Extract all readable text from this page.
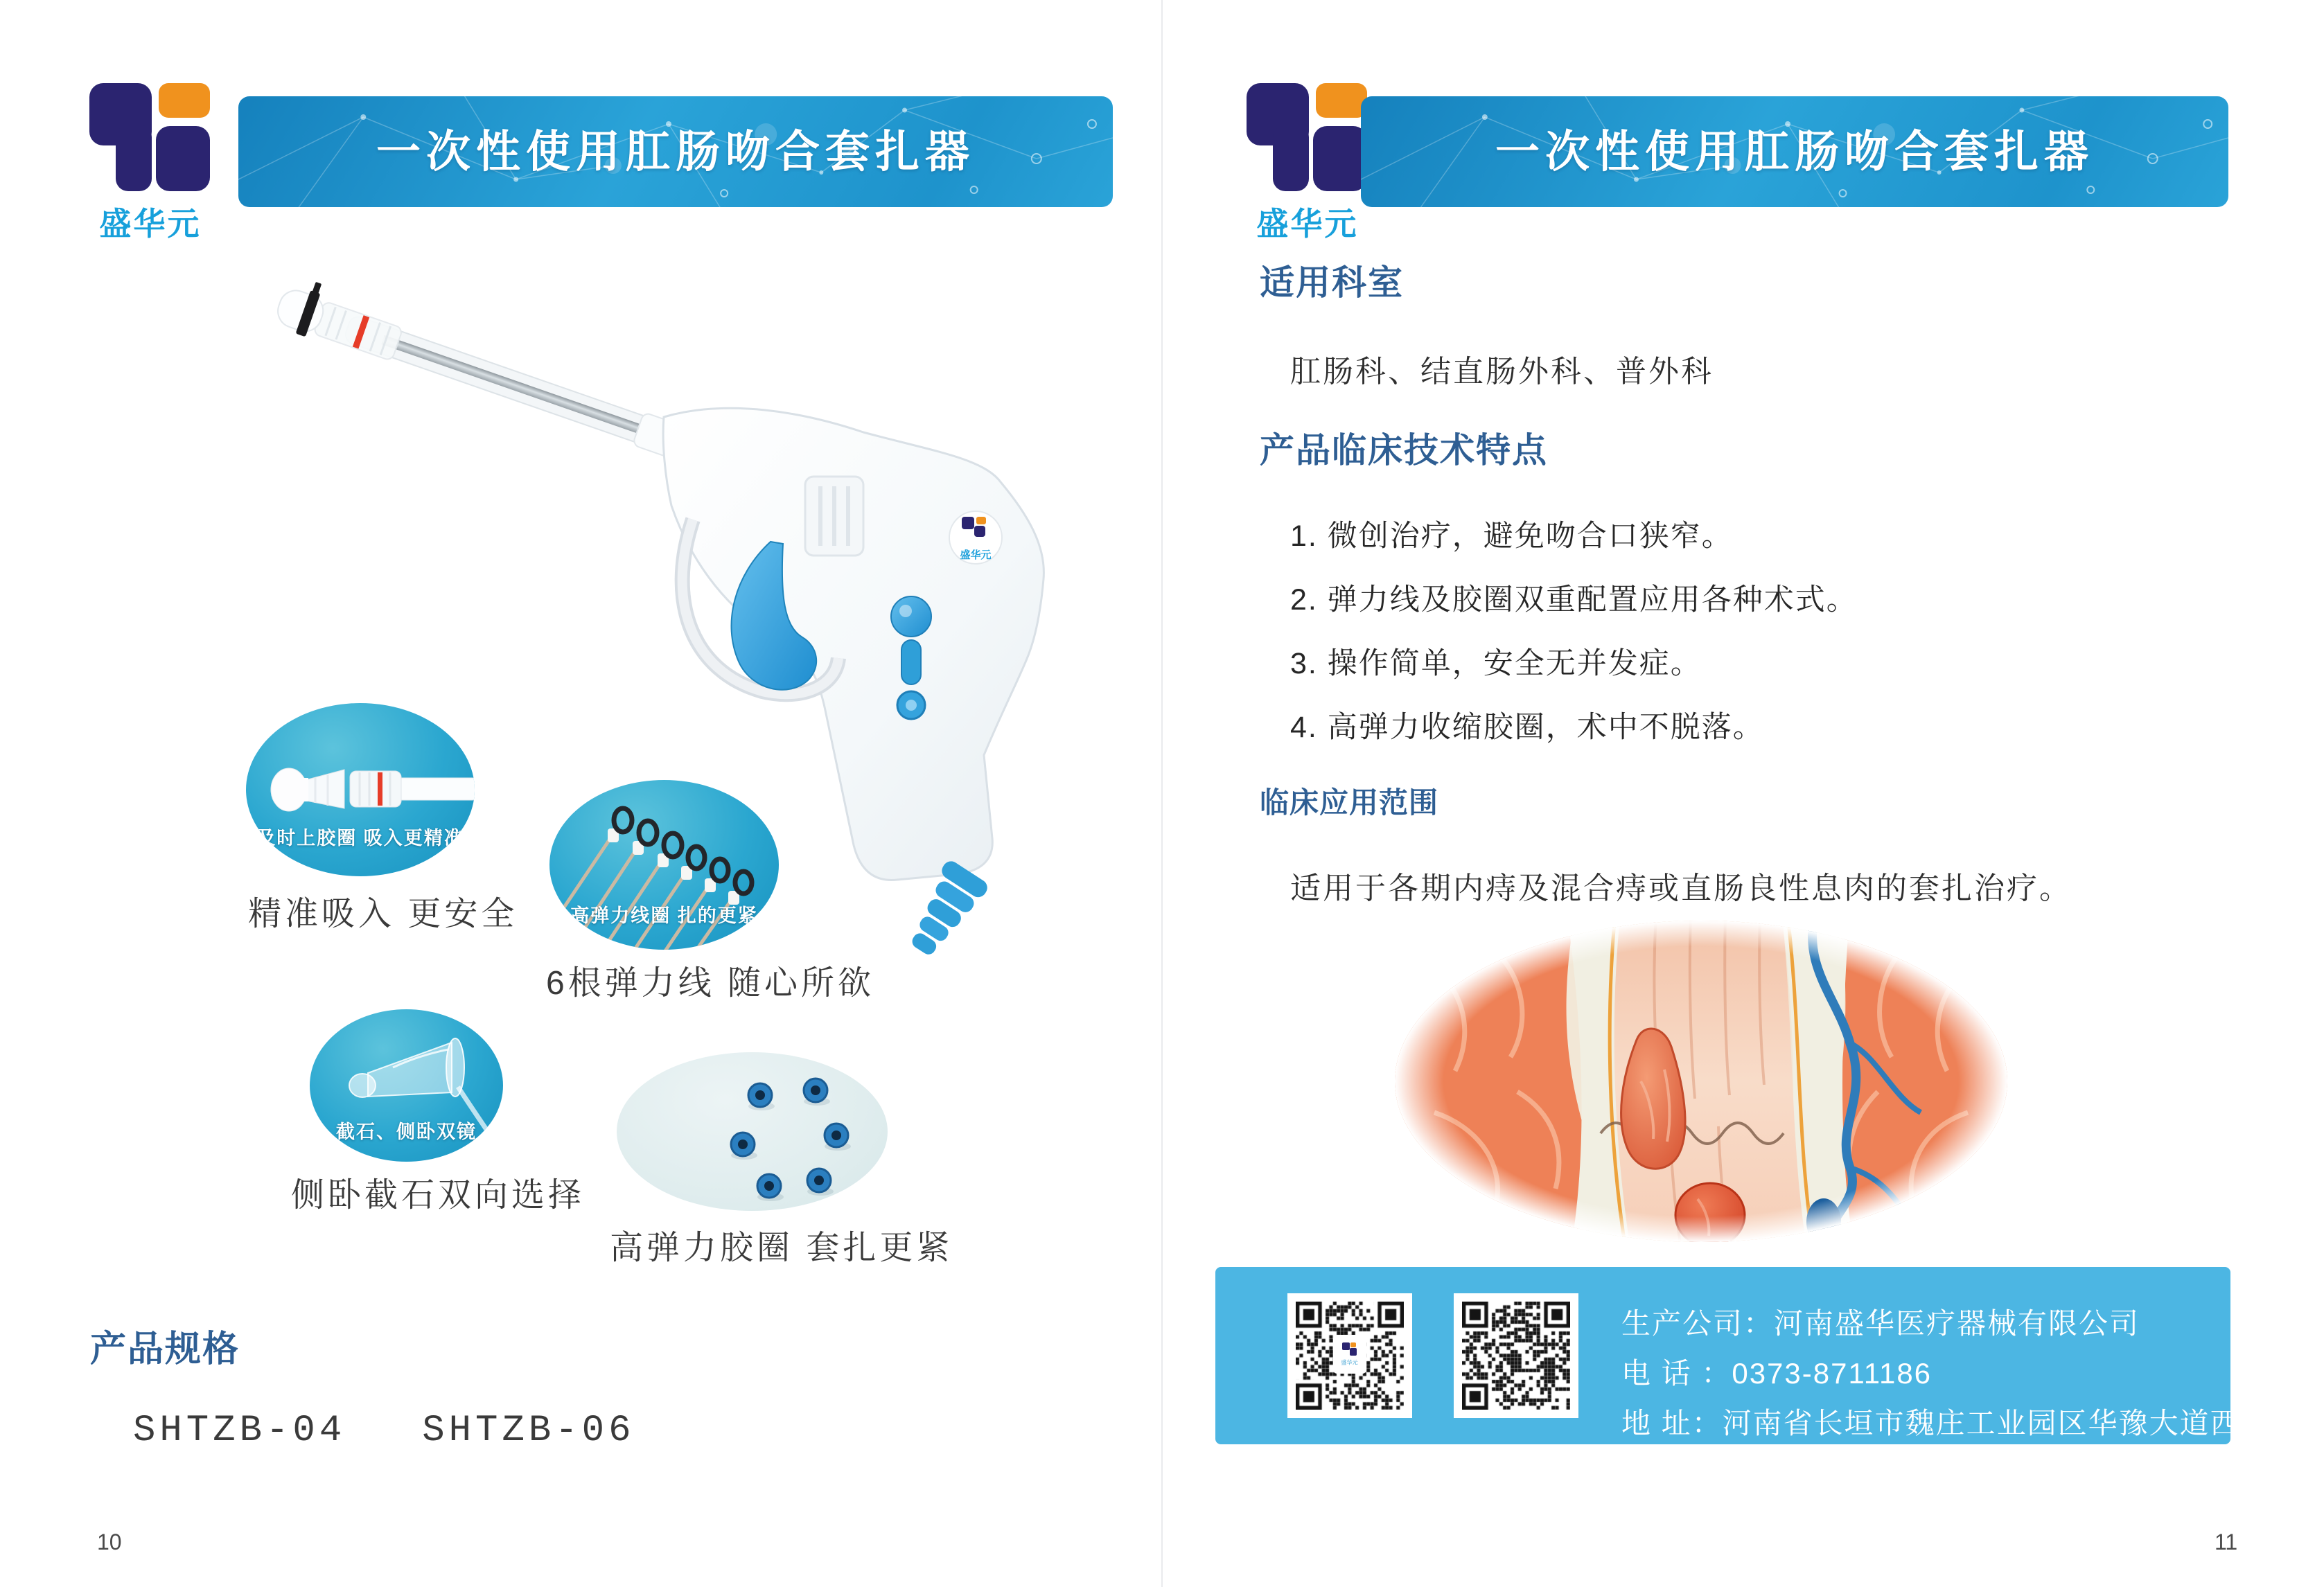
盛华元
一次性使用肛肠吻合套扎器
盛华元
及时上胶圈 吸入更精准
精准吸入 更安全	高弹力线圈 扎的更紧
6根弹力线 随心所欲
截石、侧卧双镜
侧卧截石双向选择
高弹力胶圈 套扎更紧
产品规格
SHTZB-04 SHTZB-06
10
盛华元
一次性使用肛肠吻合套扎器
适用科室
肛肠科、结直肠外科、普外科
产品临床技术特点
1. 微创治疗，避免吻合口狭窄。
2. 弹力线及胶圈双重配置应用各种术式。
3. 操作简单，安全无并发症。
4. 高弹力收缩胶圈，术中不脱落。
临床应用范围
适用于各期内痔及混合痔或直肠良性息肉的套扎治疗。
盛华元
生产公司：河南盛华医疗器械有限公司
电 话 ：0373-8711186
地 址：河南省长垣市魏庄工业园区华豫大道西侧
11
